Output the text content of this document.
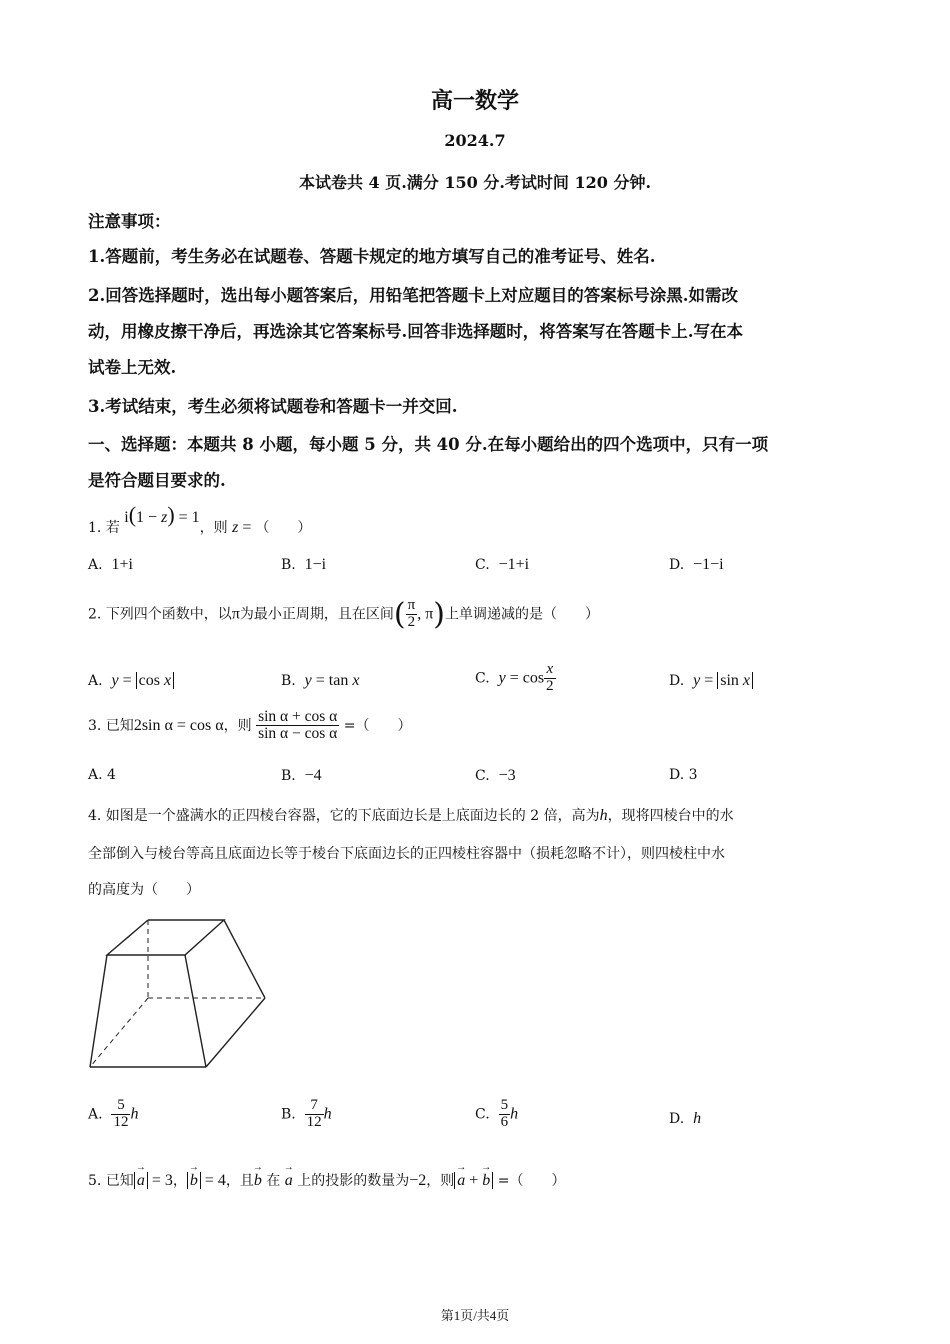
高一数学
2024.7
本试卷共 4 页.满分 150 分.考试时间 120 分钟.
注意事项：
1.答题前，考生务必在试题卷、答题卡规定的地方填写自己的准考证号、姓名.
2.回答选择题时，选出每小题答案后，用铅笔把答题卡上对应题目的答案标号涂黑.如需改
动，用橡皮擦干净后，再选涂其它答案标号.回答非选择题时，将答案写在答题卡上.写在本
试卷上无效.
3.考试结束，考生必须将试题卷和答题卡一并交回.
一、选择题：本题共 8 小题，每小题 5 分，共 40 分.在每小题给出的四个选项中，只有一项
是符合题目要求的.
1. 若 i(1 − z) = 1，则 z = （　　）
A.  1+i	B.  1−i	C.  −1+i	D.  −1−i
2. 下列四个函数中，以π为最小正周期，且在区间( $\frac{\pi}{2}$ , π)上单调递减的是（　　）
A.  y = cos x	B.  y = tan x	C.  $y = \cos \frac{x}{2}$	D.  y = sin x
3. 已知2sin α = cos α，则 $\frac{\text{sin α + cos α}}{\text{sin α − cos α}}$ =（　　）
A. 4	B.  −4	C.  −3	D. 3
4. 如图是一个盛满水的正四棱台容器，它的下底面边长是上底面边长的 2 倍，高为h，现将四棱台中的水
全部倒入与棱台等高且底面边长等于棱台下底面边长的正四棱柱容器中（损耗忽略不计），则四棱柱中水
的高度为（　　）
A. $\frac{5}{12}$ h	B. $\frac{7}{12}$ h	C. $\frac{5}{6}$ h	D.  h
5. 已知 → a = 3， → b = 4，且→ b 在 → a 上的投影的数量为−2，则 → a + → b =（　　）
第1页/共4页
